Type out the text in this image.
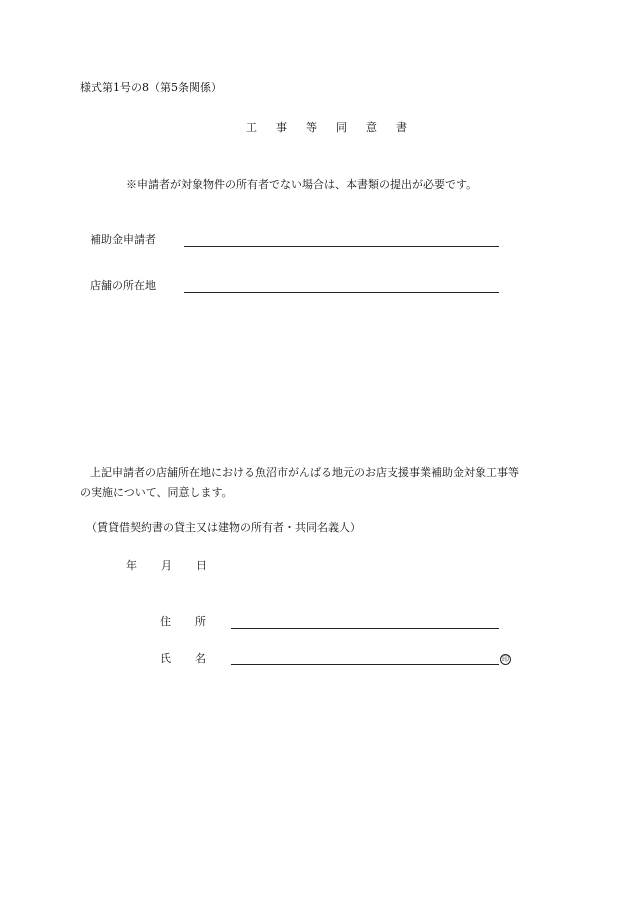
様式第1号の8（第5条関係）
工 事 等 同 意 書
※申請者が対象物件の所有者でない場合は、本書類の提出が必要です。
補助金申請者
店舗の所在地
上記申請者の店舗所在地における魚沼市がんばる地元のお店支援事業補助金対象工事等
の実施について、同意します。
（賃貸借契約書の貸主又は建物の所有者・共同名義人）
年 月 日
住 所
氏 名	印
